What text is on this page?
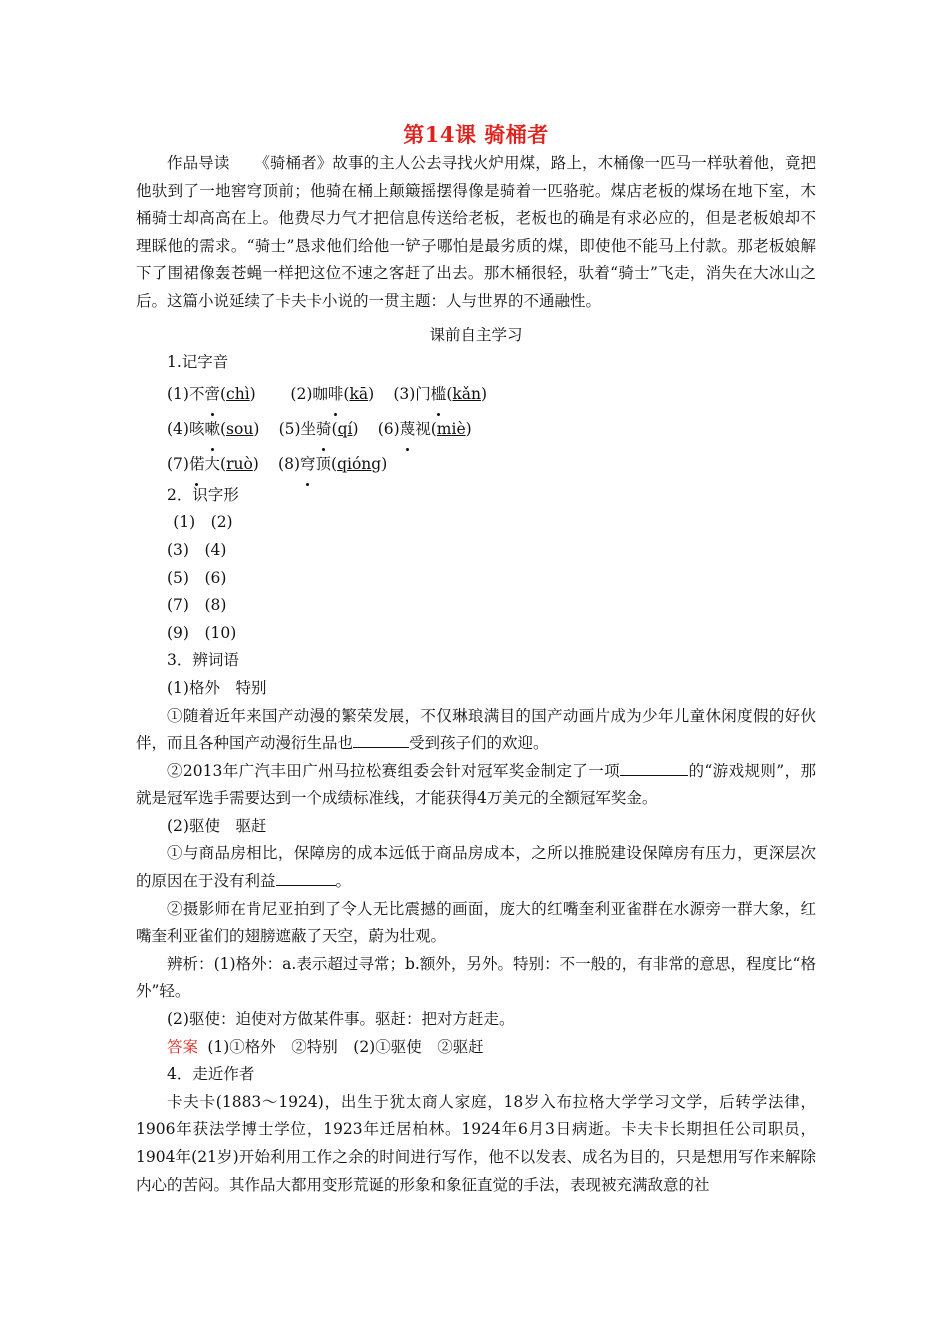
第14课 骑桶者

作品导读 《骑桶者》故事的主人公去寻找火炉用煤，路上，木桶像一匹马一样驮着他，竟把他驮到了一地窖穹顶前；他骑在桶上颠簸摇摆得像是骑着一匹骆驼。煤店老板的煤场在地下室，木桶骑士却高高在上。他费尽力气才把信息传送给老板，老板也的确是有求必应的，但是老板娘却不理睬他的需求。“骑士”恳求他们给他一铲子哪怕是最劣质的煤，即使他不能马上付款。那老板娘解下了围裙像轰苍蝇一样把这位不速之客赶了出去。那木桶很轻，驮着“骑士”飞走，消失在大冰山之后。这篇小说延续了卡夫卡小说的一贯主题：人与世界的不通融性。

课前自主学习

1.记字音

(1)不啻(chì) (2)咖啡(kā) (3)门槛(kǎn)

(4)咳嗽(sou) (5)坐骑(qí) (6)蔑视(miè)

(7)偌大(ruò) (8)穹顶(qióng)

2．识字形

(1)　(2)

(3)　(4)

(5)　(6)

(7)　(8)

(9)　(10)

3．辨词语

(1)格外　特别

①随着近年来国产动漫的繁荣发展，不仅琳琅满目的国产动画片成为少年儿童休闲度假的好伙伴，而且各种国产动漫衍生品也	受到孩子们的欢迎。

②2013年广汽丰田广州马拉松赛组委会针对冠军奖金制定了一项	的“游戏规则”，那就是冠军选手需要达到一个成绩标准线，才能获得4万美元的全额冠军奖金。

(2)驱使　驱赶

①与商品房相比，保障房的成本远低于商品房成本，之所以推脱建设保障房有压力，更深层次的原因在于没有利益	。

②摄影师在肯尼亚拍到了令人无比震撼的画面，庞大的红嘴奎利亚雀群在水源旁一群大象，红嘴奎利亚雀们的翅膀遮蔽了天空，蔚为壮观。

辨析：(1)格外：a.表示超过寻常；b.额外，另外。特别：不一般的，有非常的意思，程度比“格外”轻。

(2)驱使：迫使对方做某件事。驱赶：把对方赶走。

答案 (1)①格外　②特别　(2)①驱使　②驱赶

4．走近作者

卡夫卡(1883～1924)，出生于犹太商人家庭，18岁入布拉格大学学习文学，后转学法律，1906年获法学博士学位，1923年迁居柏林。1924年6月3日病逝。卡夫卡长期担任公司职员，1904年(21岁)开始利用工作之余的时间进行写作，他不以发表、成名为目的，只是想用写作来解除内心的苦闷。其作品大都用变形荒诞的形象和象征直觉的手法，表现被充满敌意的社
